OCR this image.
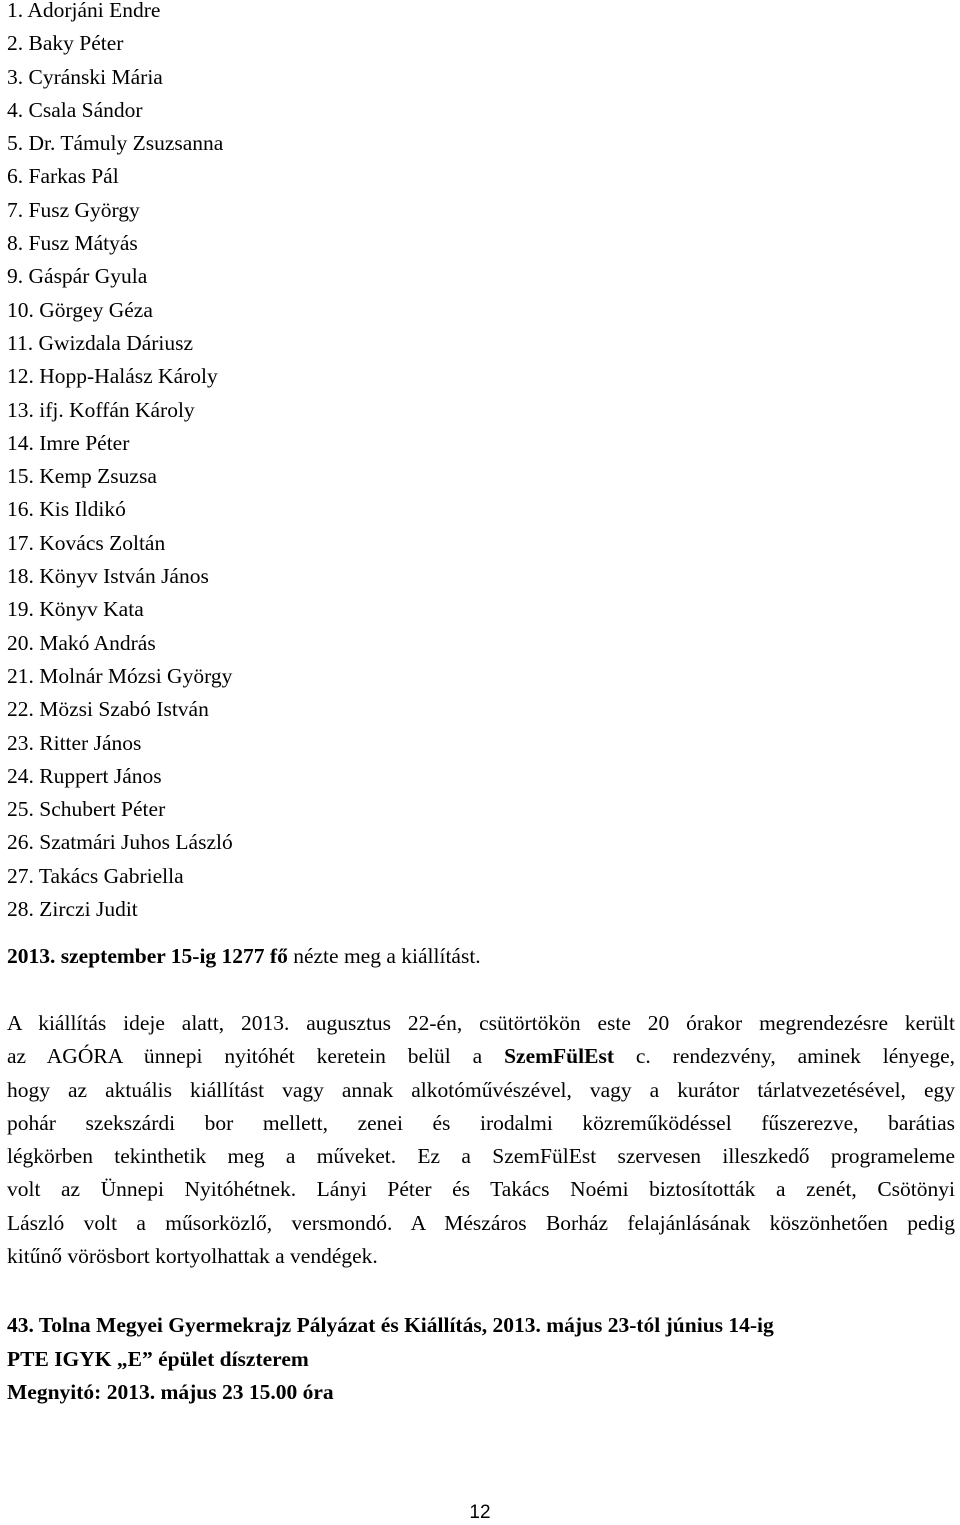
1. Adorjáni Endre
2. Baky Péter
3. Cyránski Mária
4. Csala Sándor
5. Dr. Támuly Zsuzsanna
6. Farkas Pál
7. Fusz György
8. Fusz Mátyás
9. Gáspár Gyula
10. Görgey Géza
11. Gwizdala Dáriusz
12. Hopp-Halász Károly
13. ifj. Koffán Károly
14. Imre Péter
15. Kemp Zsuzsa
16. Kis Ildikó
17. Kovács Zoltán
18. Könyv István János
19. Könyv Kata
20. Makó András
21. Molnár Mózsi György
22. Mözsi Szabó István
23. Ritter János
24. Ruppert János
25. Schubert Péter
26. Szatmári Juhos László
27. Takács Gabriella
28. Zirczi Judit

2013. szeptember 15-ig 1277 fő nézte meg a kiállítást.

A kiállítás ideje alatt, 2013. augusztus 22-én, csütörtökön este 20 órakor megrendezésre került
az AGÓRA ünnepi nyitóhét keretein belül a SzemFülEst c. rendezvény, aminek lényege,
hogy az aktuális kiállítást vagy annak alkotóművészével, vagy a kurátor tárlatvezetésével, egy
pohár szekszárdi bor mellett, zenei és irodalmi közreműködéssel fűszerezve, barátias
légkörben tekinthetik meg a műveket. Ez a SzemFülEst szervesen illeszkedő programeleme
volt az Ünnepi Nyitóhétnek. Lányi Péter és Takács Noémi biztosították a zenét, Csötönyi
László volt a műsorközlő, versmondó. A Mészáros Borház felajánlásának köszönhetően pedig
kitűnő vörösbort kortyolhattak a vendégek.
43. Tolna Megyei Gyermekrajz Pályázat és Kiállítás, 2013. május 23-tól június 14-ig
PTE IGYK „E” épület díszterem
Megnyitó: 2013. május 23 15.00 óra
12
